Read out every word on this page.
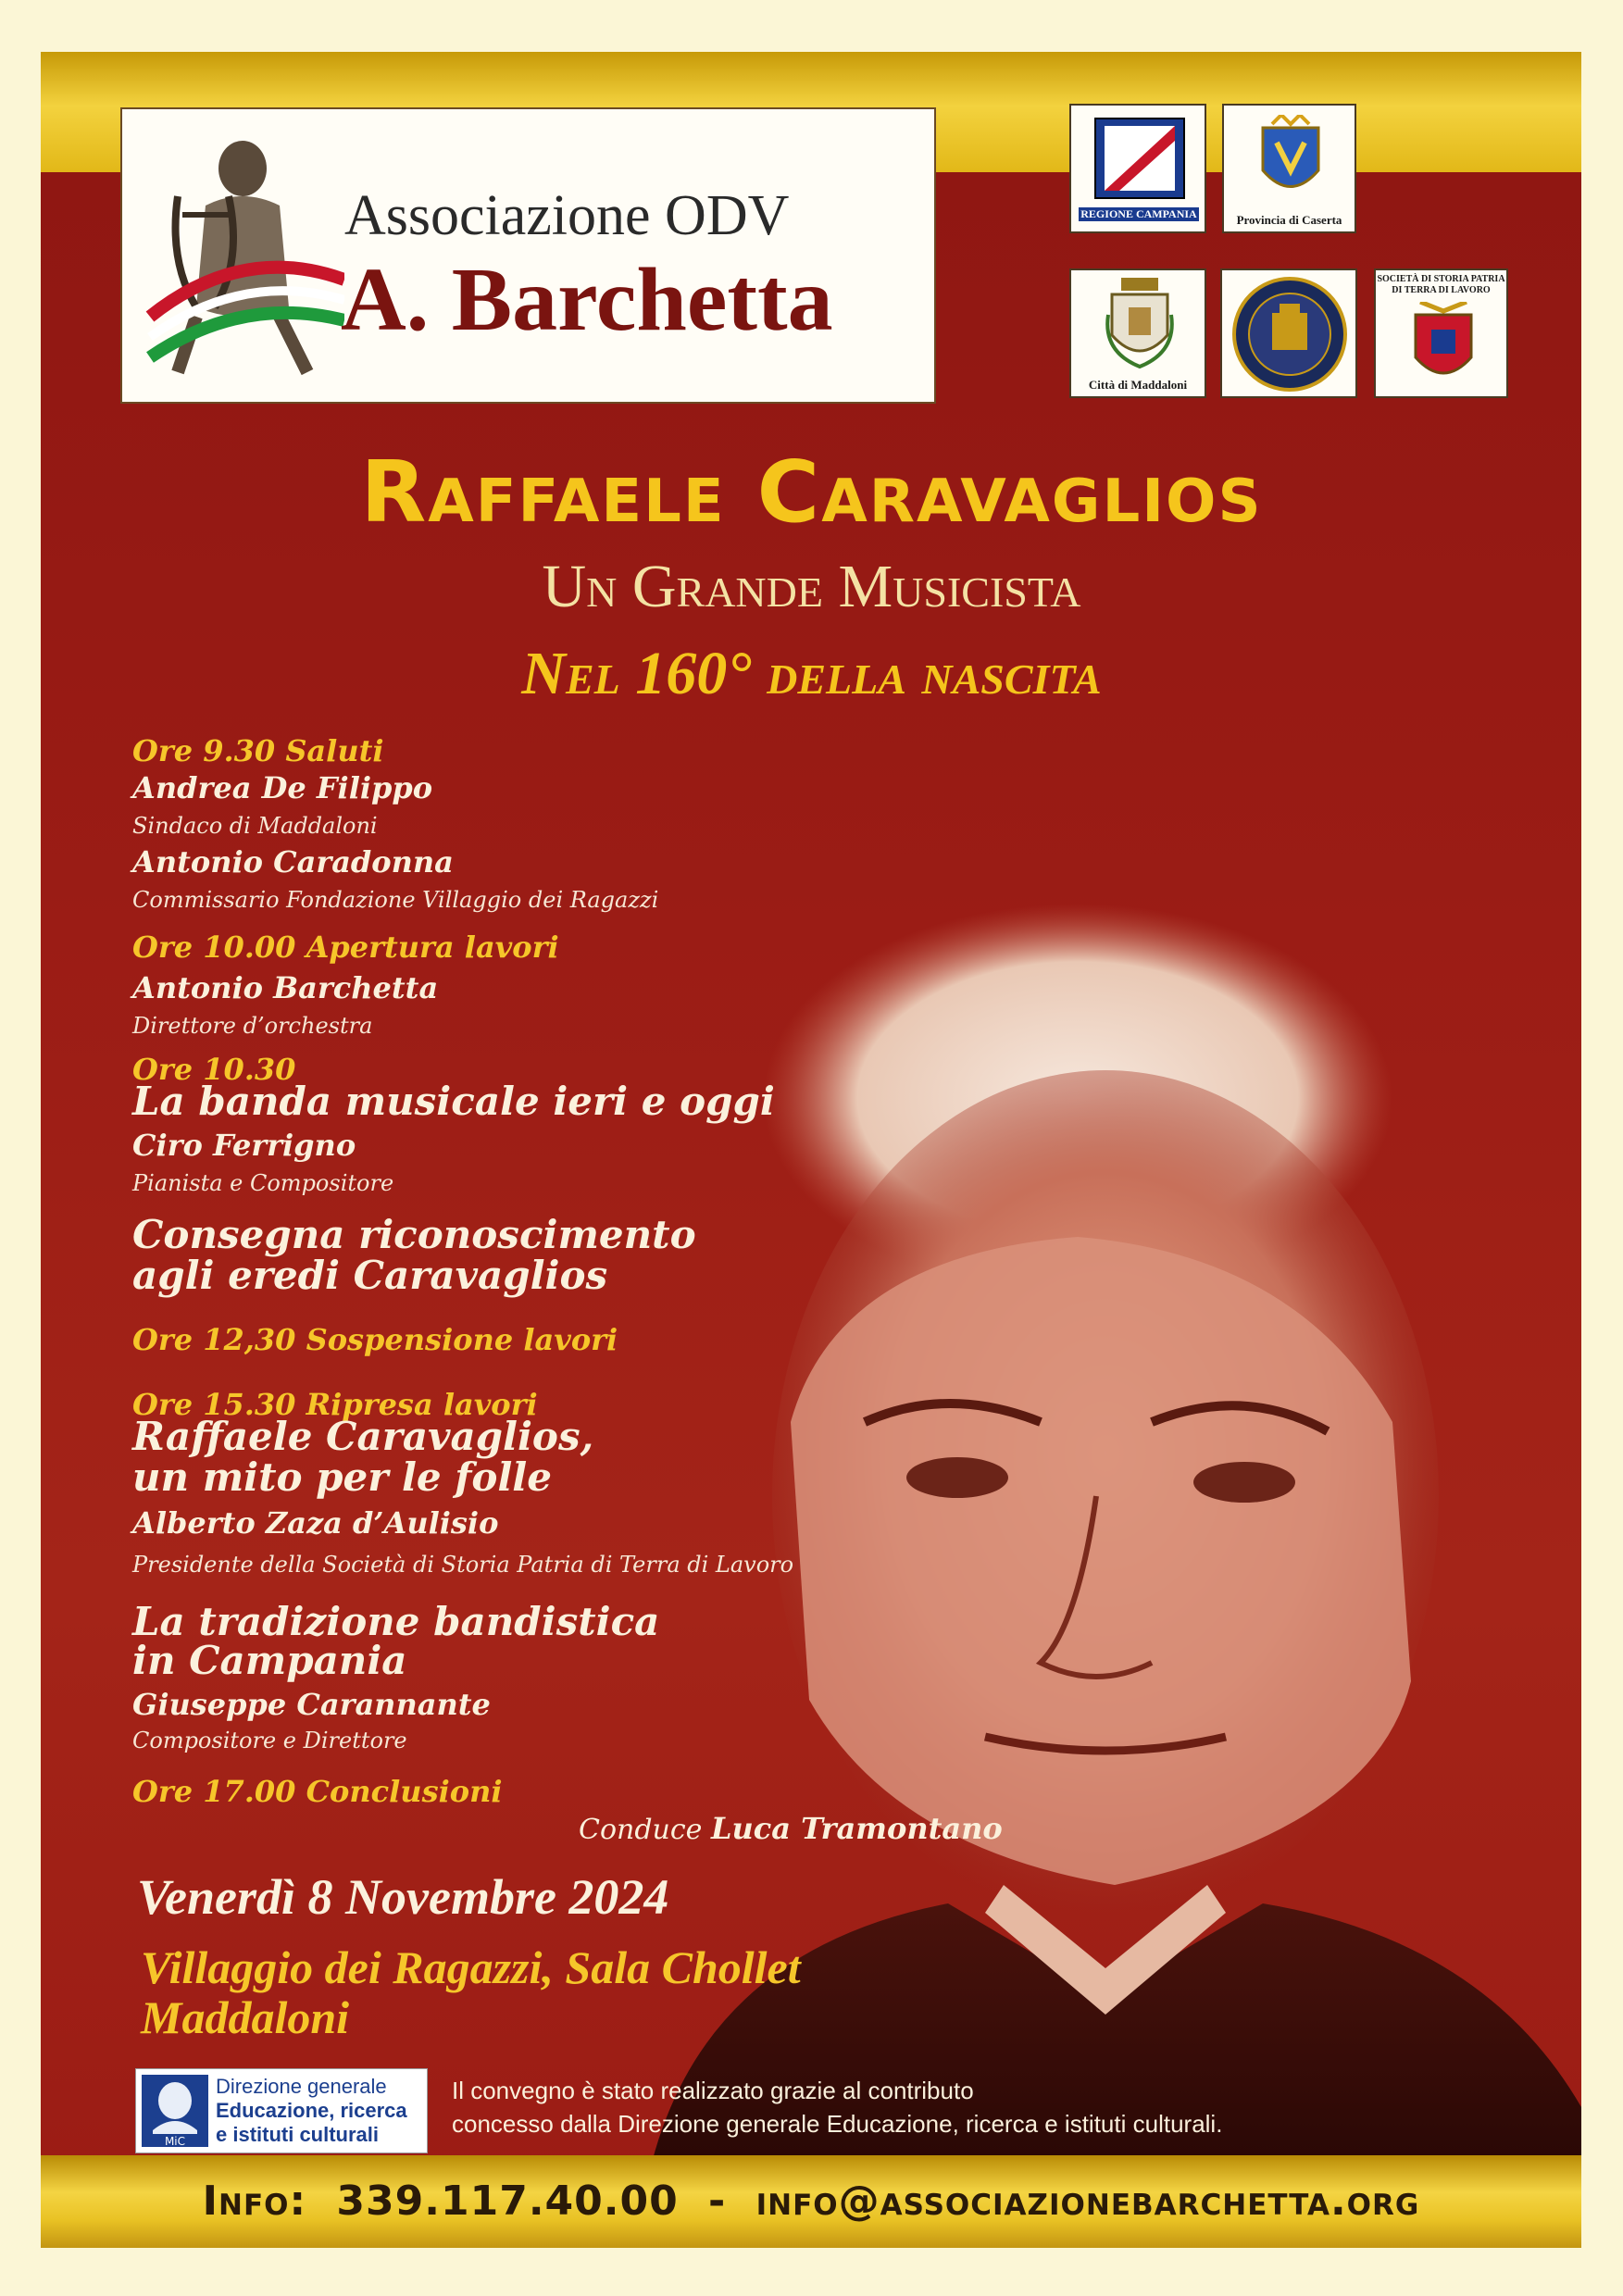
Info: 339.117.40.00 - info@associazionebarchetta.org
Associazione ODV
A. Barchetta
REGIONE CAMPANIA	Provincia di Caserta
Città di Maddaloni
SOCIETÀ DI STORIA PATRIA
DI TERRA DI LAVORO
Raffaele Caravaglios
Un Grande Musicista
Nel 160° della nascita
Ore 9.30 Saluti
Andrea De Filippo
Sindaco di Maddaloni
Antonio Caradonna
Commissario Fondazione Villaggio dei Ragazzi
Ore 10.00 Apertura lavori
Antonio Barchetta
Direttore d’orchestra
Ore 10.30
La banda musicale ieri e oggi
Ciro Ferrigno
Pianista e Compositore
Consegna riconoscimento
agli eredi Caravaglios
Ore 12,30 Sospensione lavori
Ore 15.30 Ripresa lavori
Raffaele Caravaglios,
un mito per le folle
Alberto Zaza d’Aulisio
Presidente della Società di Storia Patria di Terra di Lavoro
La tradizione bandistica
in Campania
Giuseppe Carannante
Compositore e Direttore
Ore 17.00 Conclusioni
Conduce Luca Tramontano
Venerdì 8 Novembre 2024
Villaggio dei Ragazzi, Sala Chollet
Maddaloni
MiC
Direzione generale
Educazione, ricerca
e istituti culturali
Il convegno è stato realizzato grazie al contributo
concesso dalla Direzione generale Educazione, ricerca e istituti culturali.
